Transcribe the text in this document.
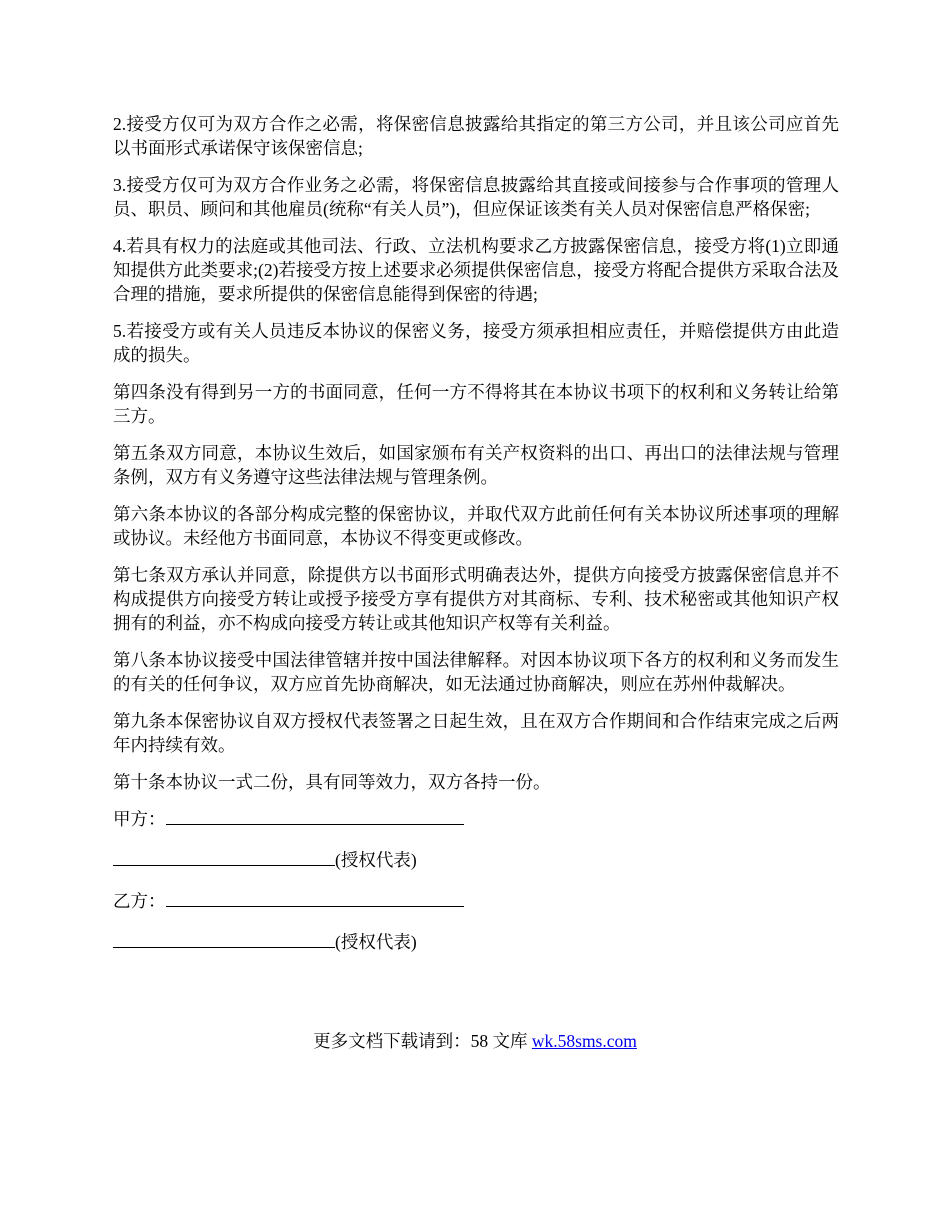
2.接受方仅可为双方合作之必需，将保密信息披露给其指定的第三方公司，并且该公司应首先以书面形式承诺保守该保密信息;

3.接受方仅可为双方合作业务之必需，将保密信息披露给其直接或间接参与合作事项的管理人员、职员、顾问和其他雇员(统称“有关人员”)，但应保证该类有关人员对保密信息严格保密;

4.若具有权力的法庭或其他司法、行政、立法机构要求乙方披露保密信息，接受方将(1)立即通知提供方此类要求;(2)若接受方按上述要求必须提供保密信息，接受方将配合提供方采取合法及合理的措施，要求所提供的保密信息能得到保密的待遇;

5.若接受方或有关人员违反本协议的保密义务，接受方须承担相应责任，并赔偿提供方由此造成的损失。

第四条没有得到另一方的书面同意，任何一方不得将其在本协议书项下的权利和义务转让给第三方。

第五条双方同意，本协议生效后，如国家颁布有关产权资料的出口、再出口的法律法规与管理条例，双方有义务遵守这些法律法规与管理条例。

第六条本协议的各部分构成完整的保密协议，并取代双方此前任何有关本协议所述事项的理解或协议。未经他方书面同意，本协议不得变更或修改。

第七条双方承认并同意，除提供方以书面形式明确表达外，提供方向接受方披露保密信息并不构成提供方向接受方转让或授予接受方享有提供方对其商标、专利、技术秘密或其他知识产权拥有的利益，亦不构成向接受方转让或其他知识产权等有关利益。

第八条本协议接受中国法律管辖并按中国法律解释。对因本协议项下各方的权利和义务而发生的有关的任何争议，双方应首先协商解决，如无法通过协商解决，则应在苏州仲裁解决。

第九条本保密协议自双方授权代表签署之日起生效，且在双方合作期间和合作结束完成之后两年内持续有效。

第十条本协议一式二份，具有同等效力，双方各持一份。

甲方：
(授权代表)
乙方：
(授权代表)
更多文档下载请到：58 文库 wk.58sms.com
